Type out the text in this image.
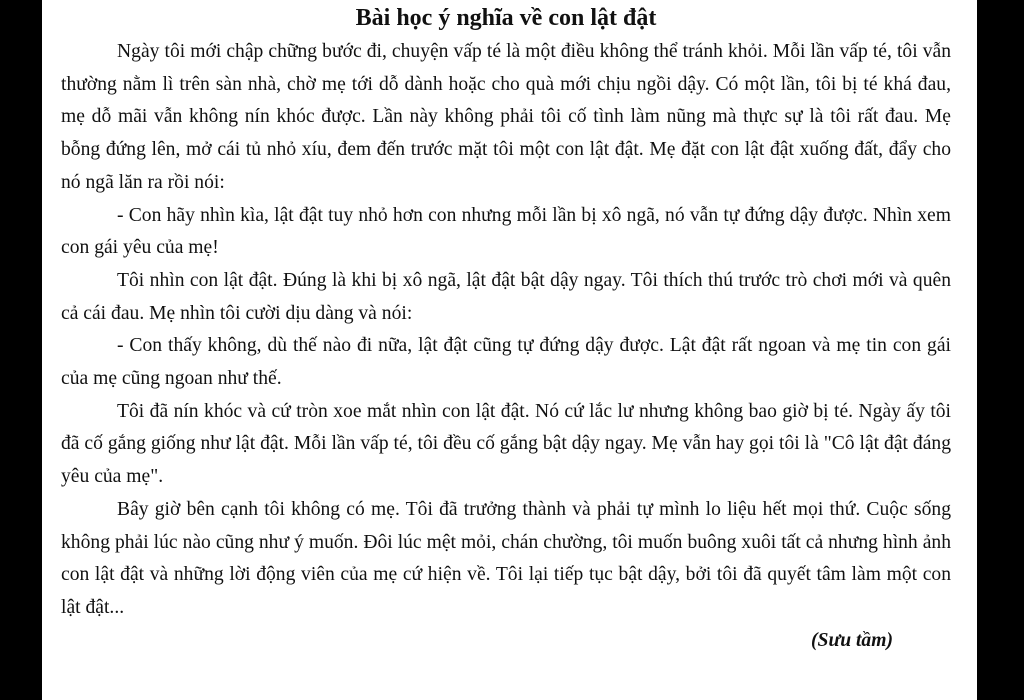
Bài học ý nghĩa về con lật đật

Ngày tôi mới chập chững bước đi, chuyện vấp té là một điều không thể tránh khỏi. Mỗi lần vấp té, tôi vẫn thường nằm lì trên sàn nhà, chờ mẹ tới dỗ dành hoặc cho quà mới chịu ngồi dậy. Có một lần, tôi bị té khá đau, mẹ dỗ mãi vẫn không nín khóc được. Lần này không phải tôi cố tình làm nũng mà thực sự là tôi rất đau. Mẹ bỗng đứng lên, mở cái tủ nhỏ xíu, đem đến trước mặt tôi một con lật đật. Mẹ đặt con lật đật xuống đất, đẩy cho nó ngã lăn ra rồi nói:

- Con hãy nhìn kìa, lật đật tuy nhỏ hơn con nhưng mỗi lần bị xô ngã, nó vẫn tự đứng dậy được. Nhìn xem con gái yêu của mẹ!

Tôi nhìn con lật đật. Đúng là khi bị xô ngã, lật đật bật dậy ngay. Tôi thích thú trước trò chơi mới và quên cả cái đau. Mẹ nhìn tôi cười dịu dàng và nói:

- Con thấy không, dù thế nào đi nữa, lật đật cũng tự đứng dậy được. Lật đật rất ngoan và mẹ tin con gái của mẹ cũng ngoan như thế.

Tôi đã nín khóc và cứ tròn xoe mắt nhìn con lật đật. Nó cứ lắc lư nhưng không bao giờ bị té. Ngày ấy tôi đã cố gắng giống như lật đật. Mỗi lần vấp té, tôi đều cố gắng bật dậy ngay. Mẹ vẫn hay gọi tôi là "Cô lật đật đáng yêu của mẹ".

Bây giờ bên cạnh tôi không có mẹ. Tôi đã trưởng thành và phải tự mình lo liệu hết mọi thứ. Cuộc sống không phải lúc nào cũng như ý muốn. Đôi lúc mệt mỏi, chán chường, tôi muốn buông xuôi tất cả nhưng hình ảnh con lật đật và những lời động viên của mẹ cứ hiện về. Tôi lại tiếp tục bật dậy, bởi tôi đã quyết tâm làm một con lật đật...

(Sưu tầm)
